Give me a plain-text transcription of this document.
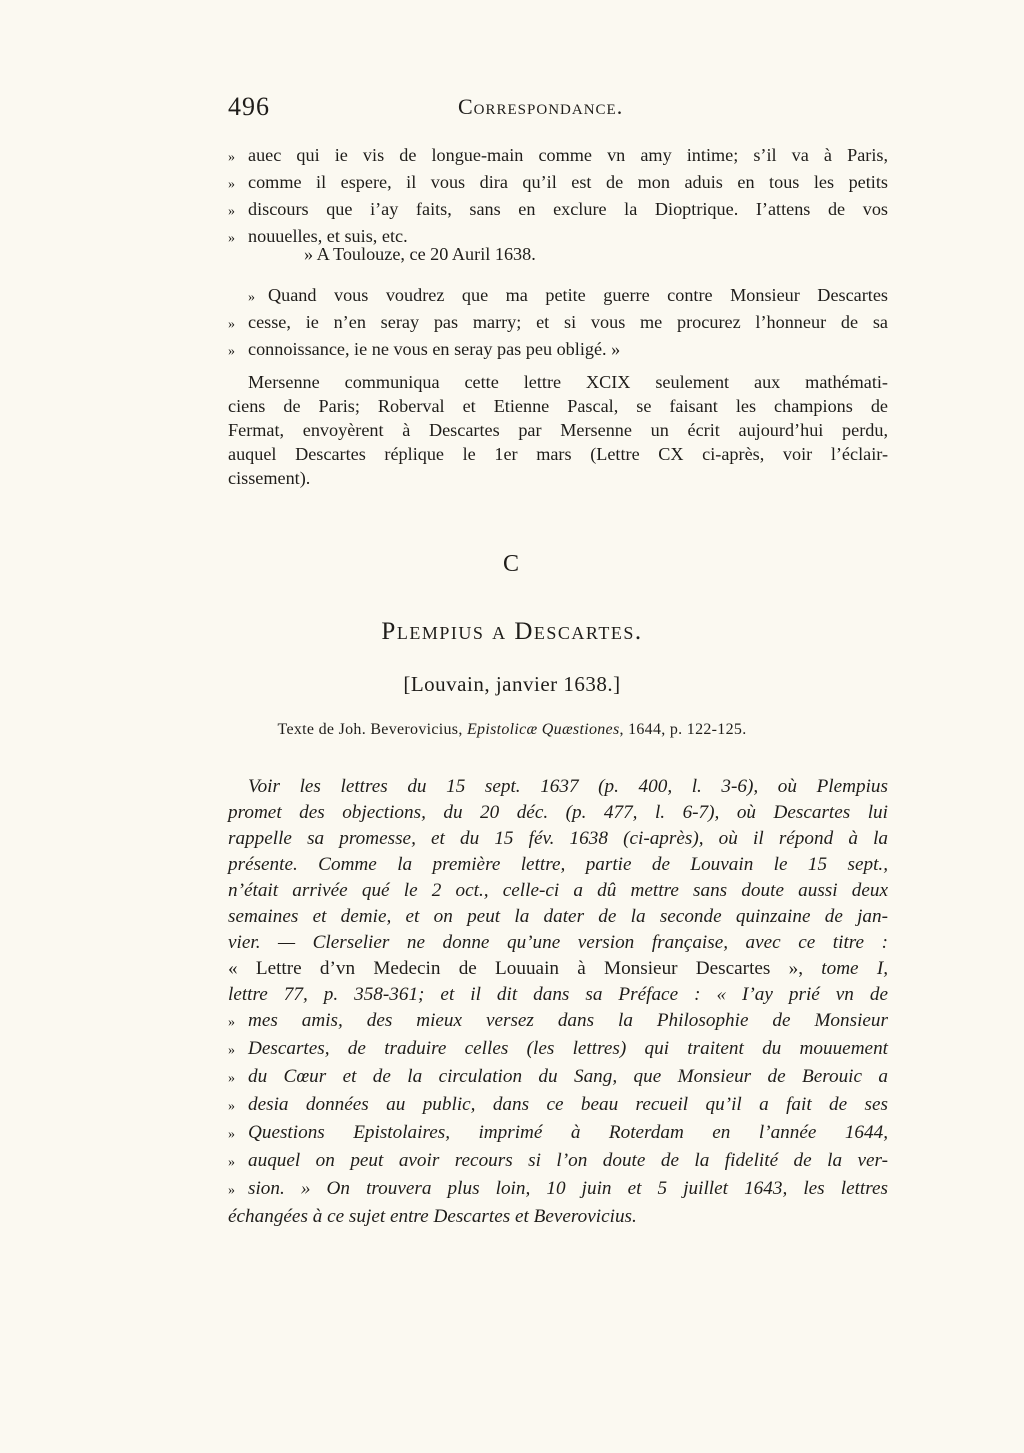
496	Correspondance.
» auec qui ie vis de longue-main comme vn amy intime; s’il va à Paris,
» comme il espere, il vous dira qu’il est de mon aduis en tous les petits
» discours que i’ay faits, sans en exclure la Dioptrique. I’attens de vos
» nouuelles, et suis, etc.
» A Toulouze, ce 20 Auril 1638.
» Quand vous voudrez que ma petite guerre contre Monsieur Descartes
» cesse, ie n’en seray pas marry; et si vous me procurez l’honneur de sa
» connoissance, ie ne vous en seray pas peu obligé. »
Mersenne communiqua cette lettre XCIX seulement aux mathémati-
ciens de Paris; Roberval et Etienne Pascal, se faisant les champions de
Fermat, envoyèrent à Descartes par Mersenne un écrit aujourd’hui perdu,
auquel Descartes réplique le 1er mars (Lettre CX ci-après, voir l’éclair-
cissement).
C
Plempius a Descartes.
[Louvain, janvier 1638.]
Texte de Joh. Beverovicius, Epistolicæ Quæstiones, 1644, p. 122-125.
Voir les lettres du 15 sept. 1637 (p. 400, l. 3-6), où Plempius
promet des objections, du 20 déc. (p. 477, l. 6-7), où Descartes lui
rappelle sa promesse, et du 15 fév. 1638 (ci-après), où il répond à la
présente. Comme la première lettre, partie de Louvain le 15 sept.,
n’était arrivée qué le 2 oct., celle-ci a dû mettre sans doute aussi deux
semaines et demie, et on peut la dater de la seconde quinzaine de jan-
vier. — Clerselier ne donne qu’une version française, avec ce titre :
« Lettre d’vn Medecin de Louuain à Monsieur Descartes », tome I,
lettre 77, p. 358-361; et il dit dans sa Préface : « I’ay prié vn de
» mes amis, des mieux versez dans la Philosophie de Monsieur
» Descartes, de traduire celles (les lettres) qui traitent du mouuement
» du Cœur et de la circulation du Sang, que Monsieur de Berouic a
» desia données au public, dans ce beau recueil qu’il a fait de ses
» Questions Epistolaires, imprimé à Roterdam en l’année 1644,
» auquel on peut avoir recours si l’on doute de la fidelité de la ver-
» sion. » On trouvera plus loin, 10 juin et 5 juillet 1643, les lettres
échangées à ce sujet entre Descartes et Beverovicius.
